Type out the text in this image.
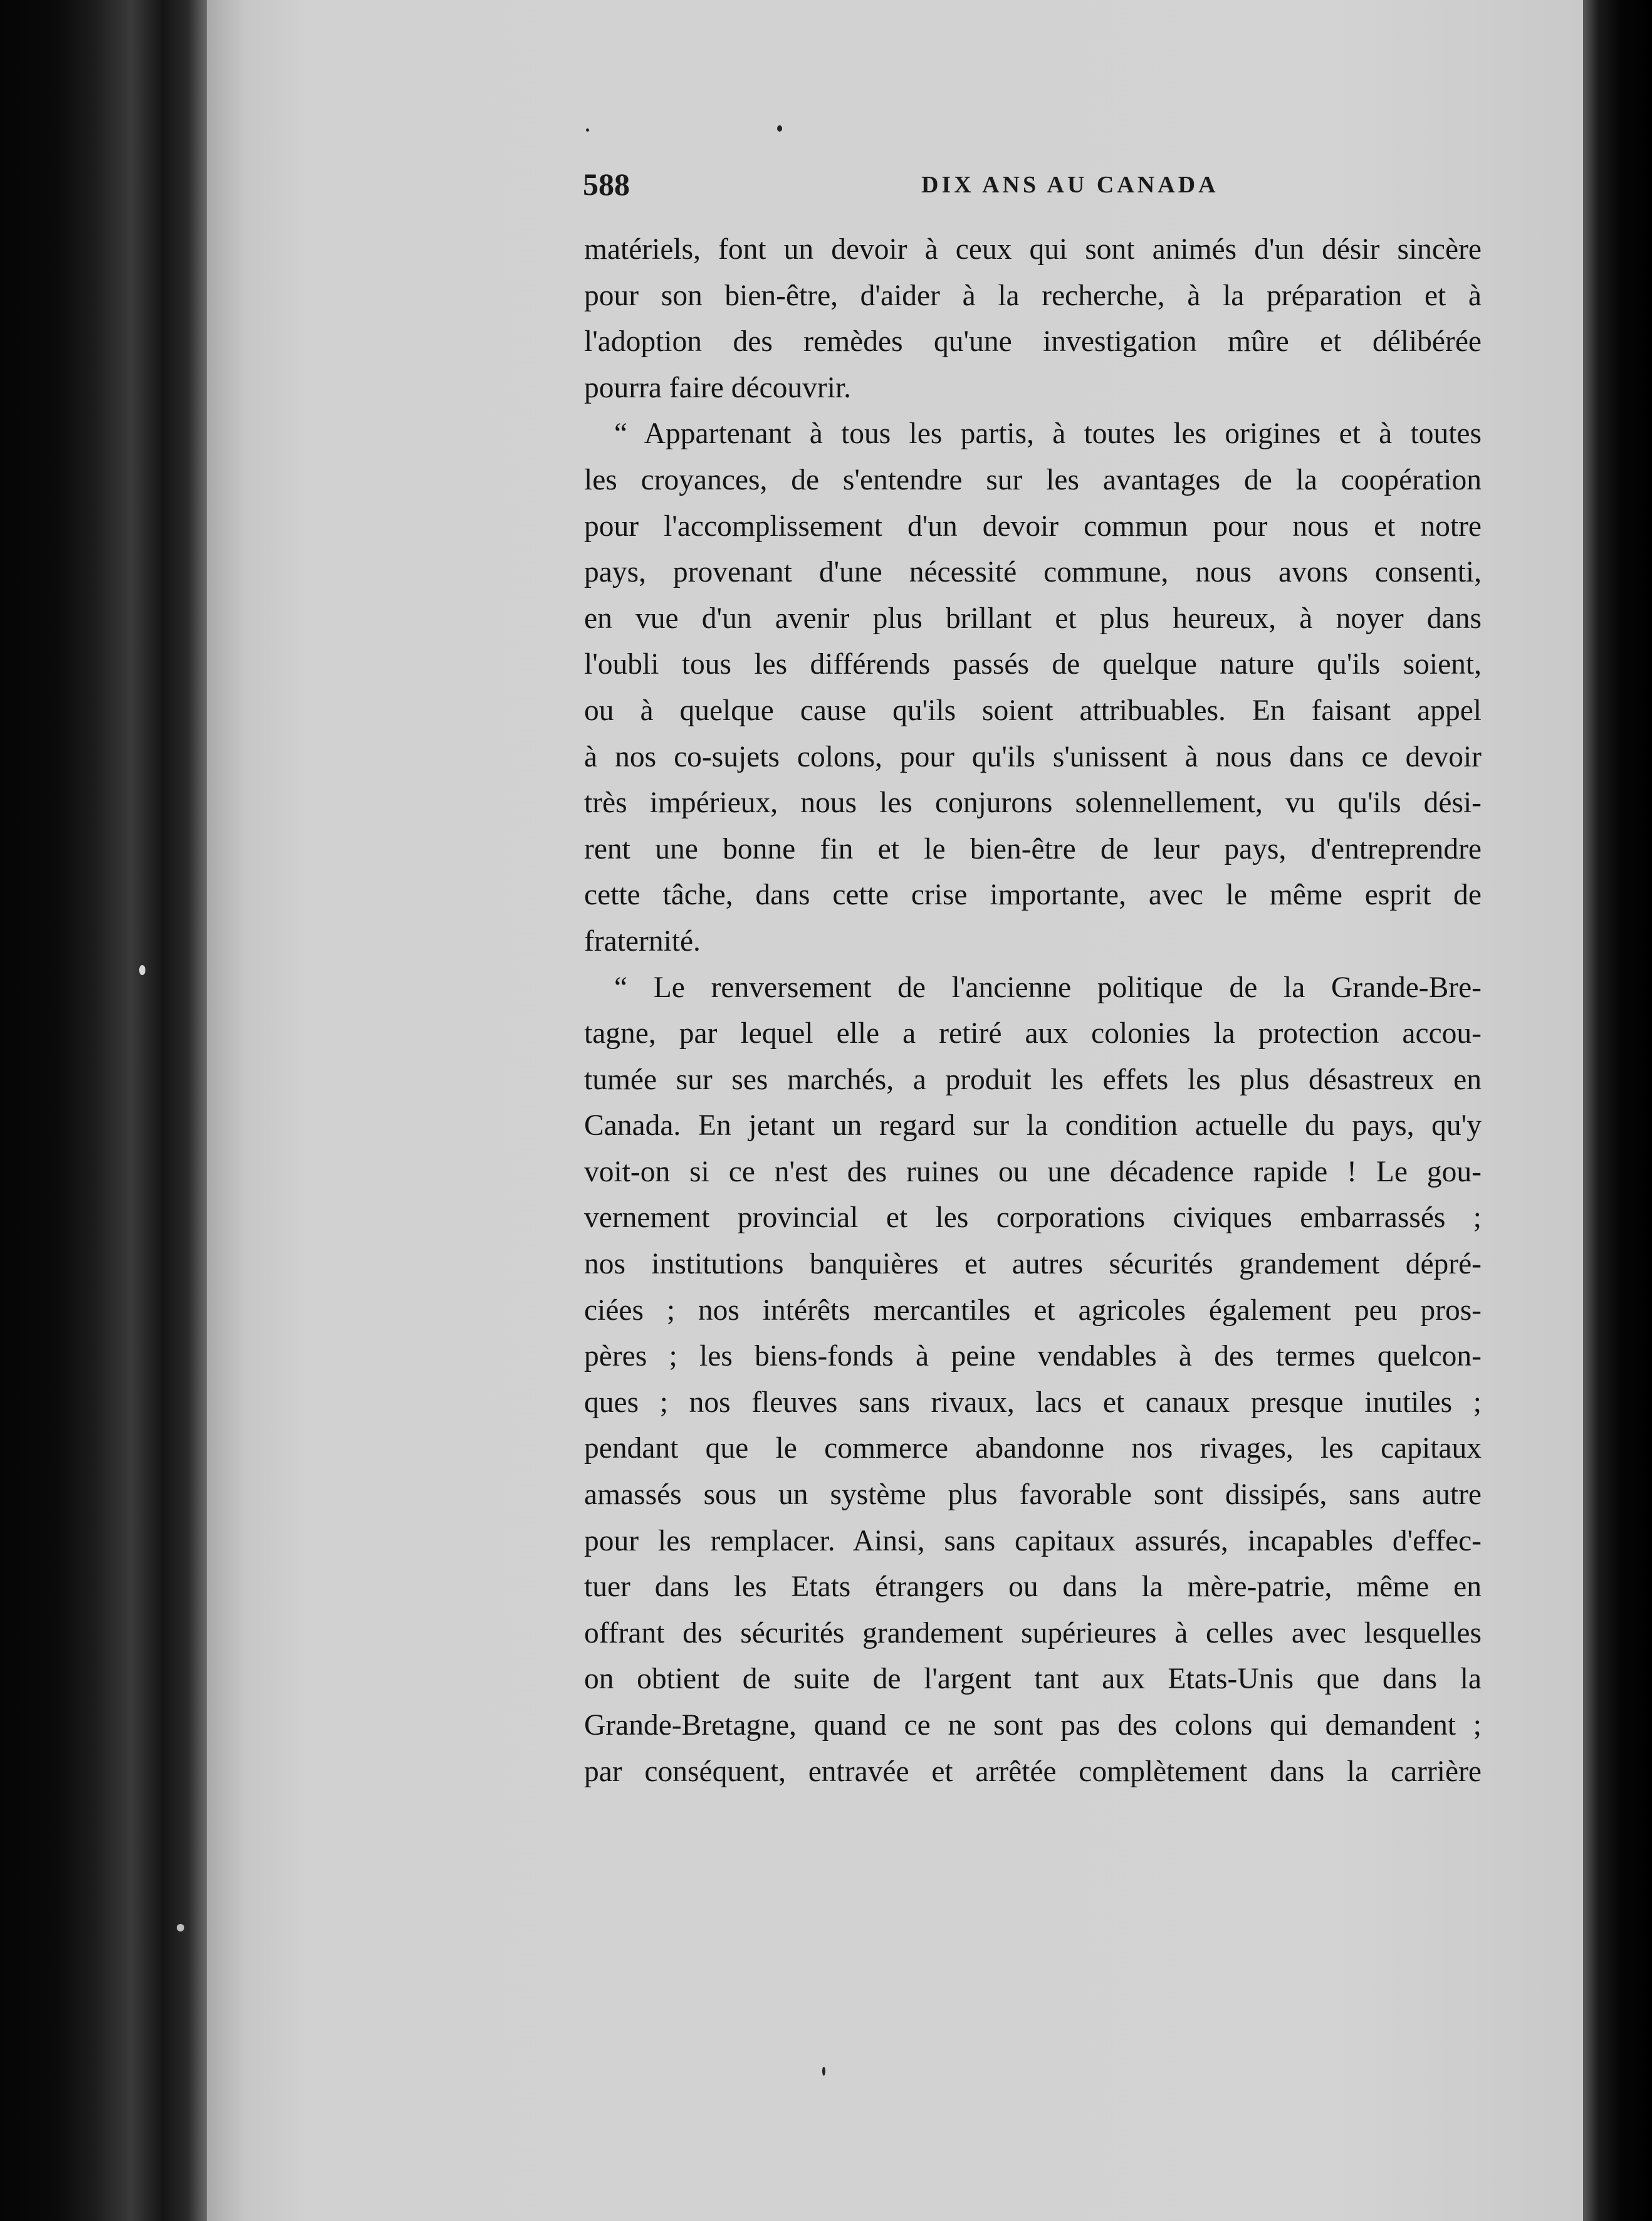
588	DIX ANS AU CANADA
matériels, font un devoir à ceux qui sont animés d'un désir sincère
pour son bien-être, d'aider à la recherche, à la préparation et à
l'adoption des remèdes qu'une investigation mûre et délibérée
pourra faire découvrir.
“ Appartenant à tous les partis, à toutes les origines et à toutes
les croyances, de s'entendre sur les avantages de la coopération
pour l'accomplissement d'un devoir commun pour nous et notre
pays, provenant d'une nécessité commune, nous avons consenti,
en vue d'un avenir plus brillant et plus heureux, à noyer dans
l'oubli tous les différends passés de quelque nature qu'ils soient,
ou à quelque cause qu'ils soient attribuables. En faisant appel
à nos co-sujets colons, pour qu'ils s'unissent à nous dans ce devoir
très impérieux, nous les conjurons solennellement, vu qu'ils dési-
rent une bonne fin et le bien-être de leur pays, d'entreprendre
cette tâche, dans cette crise importante, avec le même esprit de
fraternité.
“ Le renversement de l'ancienne politique de la Grande-Bre-
tagne, par lequel elle a retiré aux colonies la protection accou-
tumée sur ses marchés, a produit les effets les plus désastreux en
Canada. En jetant un regard sur la condition actuelle du pays, qu'y
voit-on si ce n'est des ruines ou une décadence rapide ! Le gou-
vernement provincial et les corporations civiques embarrassés ;
nos institutions banquières et autres sécurités grandement dépré-
ciées ; nos intérêts mercantiles et agricoles également peu pros-
pères ; les biens-fonds à peine vendables à des termes quelcon-
ques ; nos fleuves sans rivaux, lacs et canaux presque inutiles ;
pendant que le commerce abandonne nos rivages, les capitaux
amassés sous un système plus favorable sont dissipés, sans autre
pour les remplacer. Ainsi, sans capitaux assurés, incapables d'effec-
tuer dans les Etats étrangers ou dans la mère-patrie, même en
offrant des sécurités grandement supérieures à celles avec lesquelles
on obtient de suite de l'argent tant aux Etats-Unis que dans la
Grande-Bretagne, quand ce ne sont pas des colons qui demandent ;
par conséquent, entravée et arrêtée complètement dans la carrière
